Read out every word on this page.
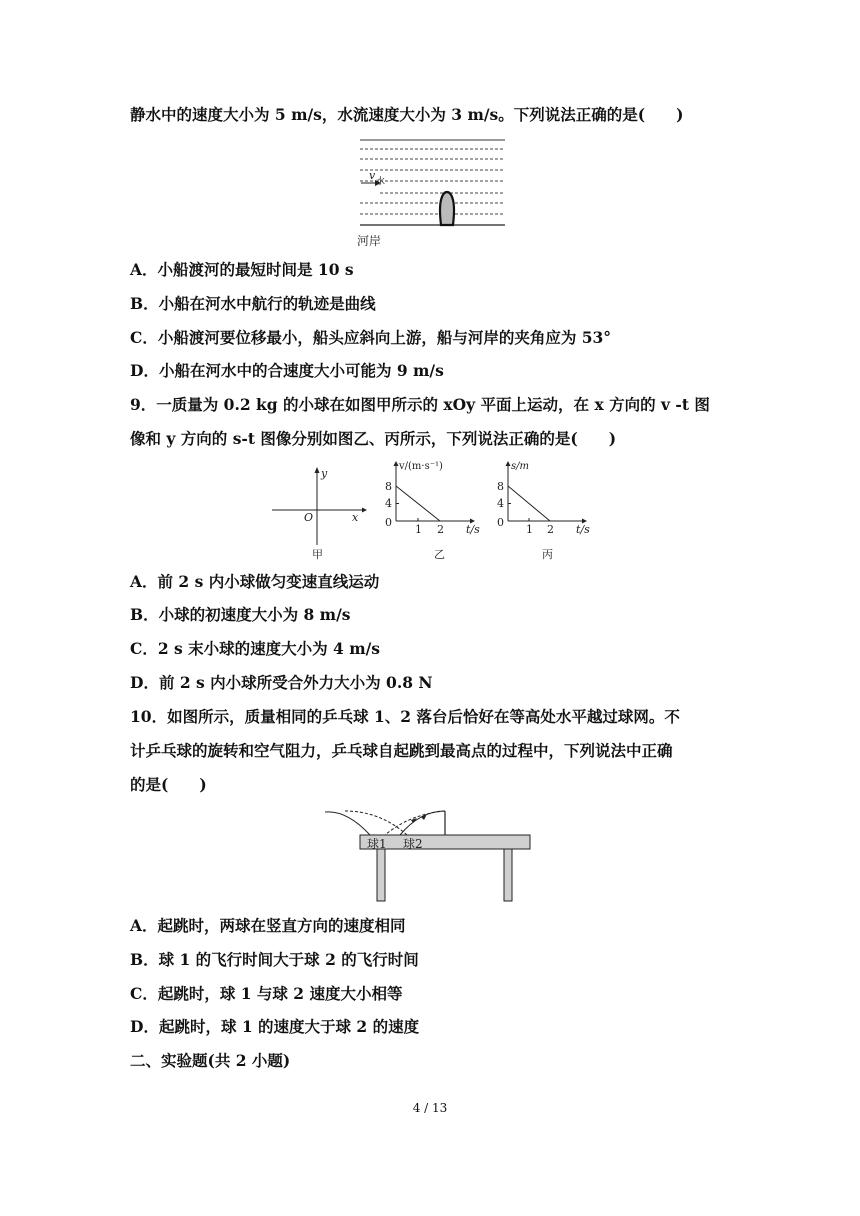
静水中的速度大小为 5 m/s，水流速度大小为 3 m/s。下列说法正确的是(　　)
v 水
河岸
A．小船渡河的最短时间是 10 s
B．小船在河水中航行的轨迹是曲线
C．小船渡河要位移最小，船头应斜向上游，船与河岸的夹角应为 53°
D．小船在河水中的合速度大小可能为 9 m/s
9．一质量为 0.2 kg 的小球在如图甲所示的 xOy 平面上运动，在 x 方向的 v -t 图
像和 y 方向的 s-t 图像分别如图乙、丙所示，下列说法正确的是(　　)
y
x
O
甲
v/(m·s⁻¹)
8
4
0
1 2 t/s
乙
s/m
8
4
0
1 2 t/s
丙
A．前 2 s 内小球做匀变速直线运动
B．小球的初速度大小为 8 m/s
C．2 s 末小球的速度大小为 4 m/s
D．前 2 s 内小球所受合外力大小为 0.8 N
10．如图所示，质量相同的乒乓球 1、2 落台后恰好在等高处水平越过球网。不
计乒乓球的旋转和空气阻力，乒乓球自起跳到最高点的过程中，下列说法中正确
的是(　　)
球1 球2
A．起跳时，两球在竖直方向的速度相同
B．球 1 的飞行时间大于球 2 的飞行时间
C．起跳时，球 1 与球 2 速度大小相等
D．起跳时，球 1 的速度大于球 2 的速度
二、实验题(共 2 小题)
4 / 13
